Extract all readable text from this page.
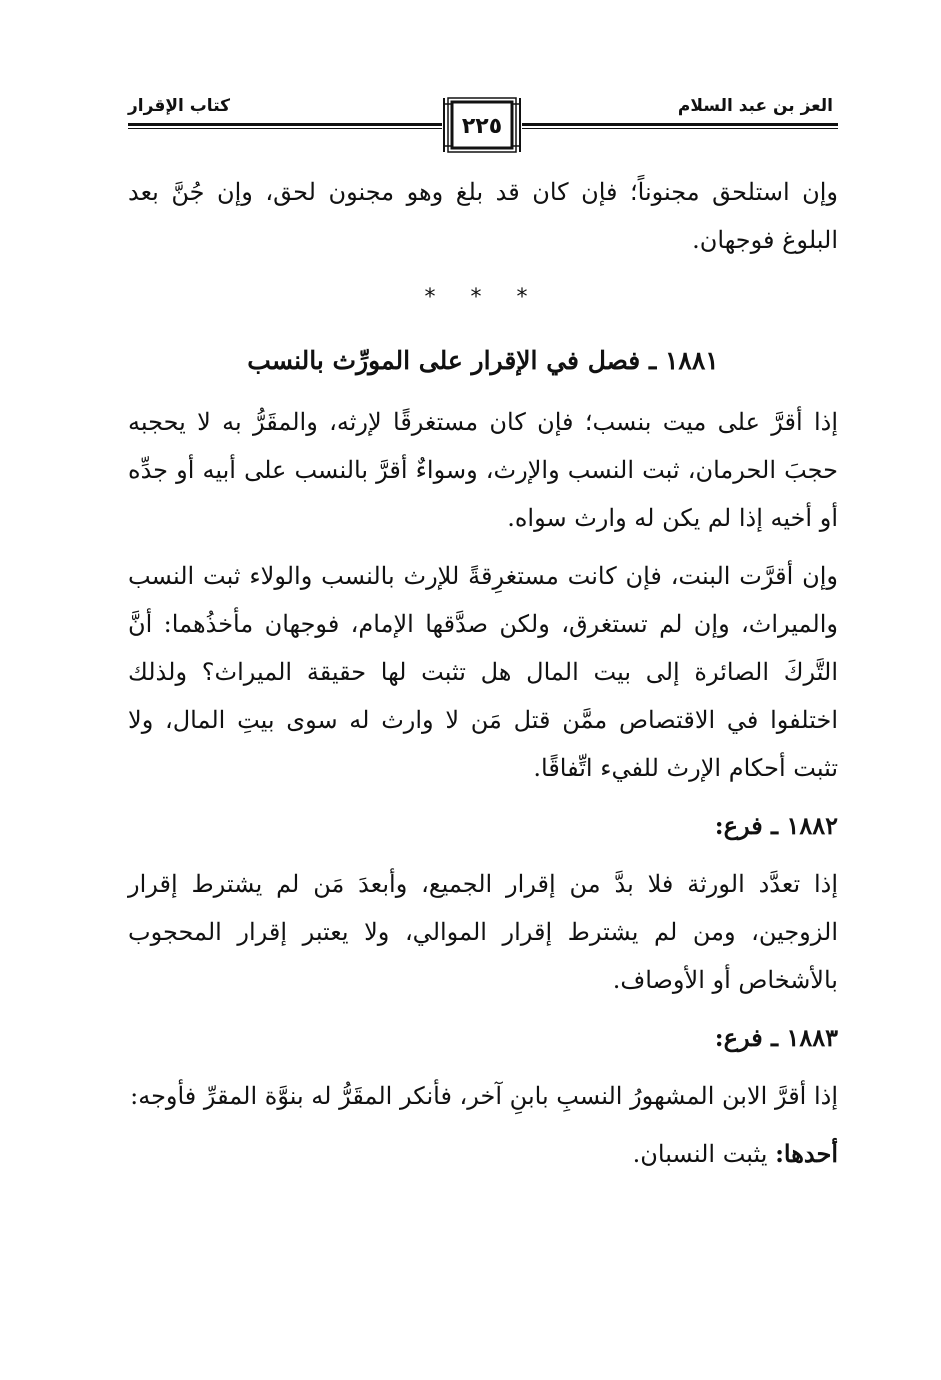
العز بن عبد السلام
كتاب الإقرار
٢٢٥

وإن استلحق مجنوناً؛ فإن كان قد بلغ وهو مجنون لحق، وإن جُنَّ بعد البلوغ فوجهان.

* * *
١٨٨١ ـ فصل في الإقرار على المورِّث بالنسب

إذا أقرَّ على ميت بنسب؛ فإن كان مستغرقًا لإرثه، والمقَرُّ به لا يحجبه حجبَ الحرمان، ثبت النسب والإرث، وسواءٌ أقرَّ بالنسب على أبيه أو جدِّه أو أخيه إذا لم يكن له وارث سواه.

وإن أقرَّت البنت، فإن كانت مستغرِقةً للإرث بالنسب والولاء ثبت النسب والميراث، وإن لم تستغرق، ولكن صدَّقها الإمام، فوجهان مأخذُهما: أنَّ التَّركَ الصائرة إلى بيت المال هل تثبت لها حقيقة الميراث؟ ولذلك اختلفوا في الاقتصاص ممَّن قتل مَن لا وارث له سوى بيتِ المال، ولا تثبت أحكام الإرث للفيء اتِّفاقًا.

١٨٨٢ ـ فرع:

إذا تعدَّد الورثة فلا بدَّ من إقرار الجميع، وأبعدَ مَن لم يشترط إقرار الزوجين، ومن لم يشترط إقرار الموالي، ولا يعتبر إقرار المحجوب بالأشخاص أو الأوصاف.

١٨٨٣ ـ فرع:

إذا أقرَّ الابن المشهورُ النسبِ بابنِ آخر، فأنكر المقَرُّ له بنوَّة المقرِّ فأوجه:

أحدها: يثبت النسبان.
